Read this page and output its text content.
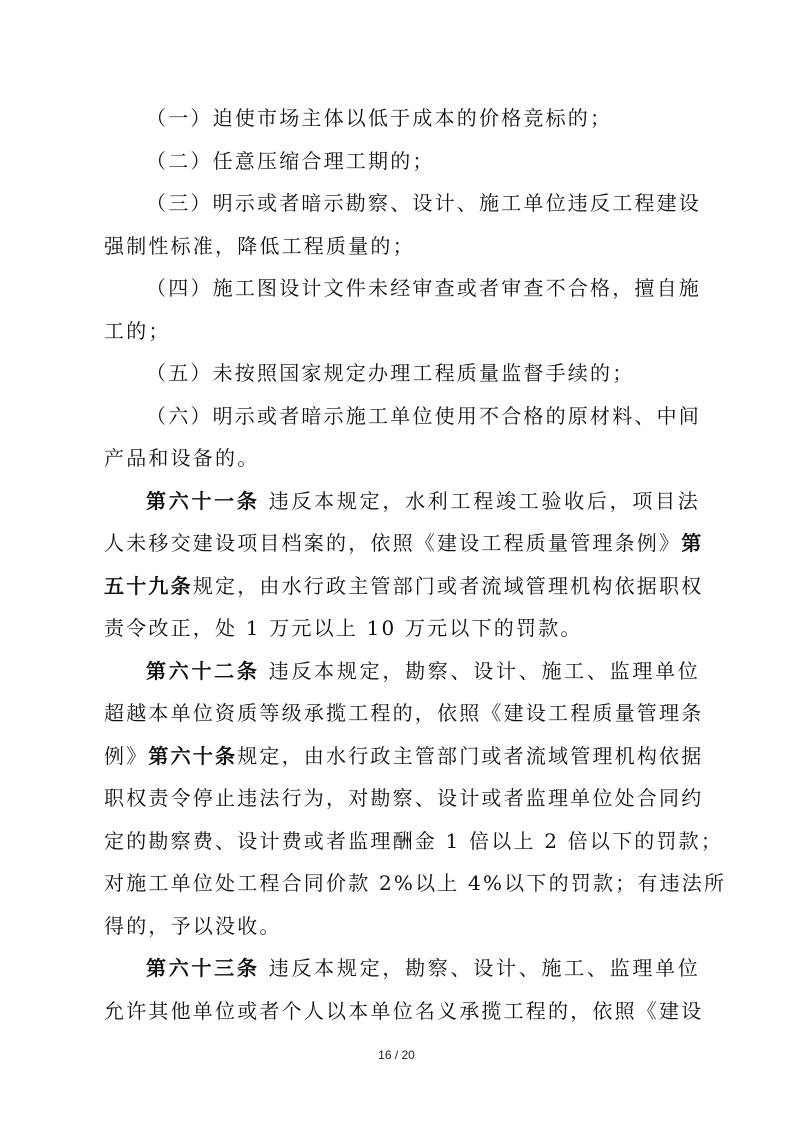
（一）迫使市场主体以低于成本的价格竞标的；
（二）任意压缩合理工期的；
（三）明示或者暗示勘察、设计、施工单位违反工程建设
强制性标准，降低工程质量的；
（四）施工图设计文件未经审查或者审查不合格，擅自施
工的；
（五）未按照国家规定办理工程质量监督手续的；
（六）明示或者暗示施工单位使用不合格的原材料、中间
产品和设备的。
第六十一条 违反本规定，水利工程竣工验收后，项目法
人未移交建设项目档案的，依照《建设工程质量管理条例》第
五十九条规定，由水行政主管部门或者流域管理机构依据职权
责令改正，处 1 万元以上 10 万元以下的罚款。
第六十二条 违反本规定，勘察、设计、施工、监理单位
超越本单位资质等级承揽工程的，依照《建设工程质量管理条
例》第六十条规定，由水行政主管部门或者流域管理机构依据
职权责令停止违法行为，对勘察、设计或者监理单位处合同约
定的勘察费、设计费或者监理酬金 1 倍以上 2 倍以下的罚款；
对施工单位处工程合同价款 2%以上 4%以下的罚款；有违法所
得的，予以没收。
第六十三条 违反本规定，勘察、设计、施工、监理单位
允许其他单位或者个人以本单位名义承揽工程的，依照《建设
16 / 20
